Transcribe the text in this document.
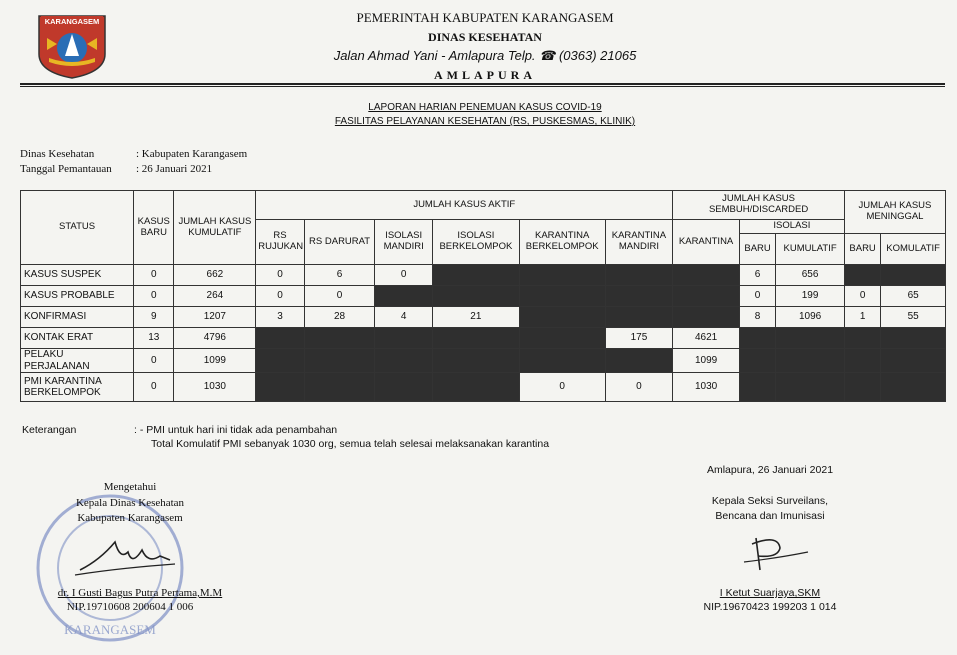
KARANGASEM	PEMERINTAH KABUPATEN KARANGASEM
DINAS KESEHATAN
Jalan Ahmad Yani - Amlapura Telp. ☎ (0363) 21065
AMLAPURA
LAPORAN HARIAN PENEMUAN KASUS COVID-19
FASILITAS PELAYANAN KESEHATAN (RS, PUSKESMAS, KLINIK)
Dinas Kesehatan	: Kabupaten Karangasem
Tanggal Pemantauan : 26 Januari 2021
STATUS	KASUS BARU	JUMLAH KASUS KUMULATIF	JUMLAH KASUS AKTIF						JUMLAH KASUS SEMBUH/DISCARDED			JUMLAH KASUS MENINGGAL	
			RS RUJUKAN	RS DARURAT	ISOLASI MANDIRI	ISOLASI BERKELOMPOK	KARANTINA BERKELOMPOK	KARANTINA MANDIRI	KARANTINA	ISOLASI			
										BARU	KUMULATIF	BARU	KOMULATIF
KASUS SUSPEK	0	662	0	6	0					6	656		
KASUS PROBABLE	0	264	0	0						0	199	0	65
KONFIRMASI	9	1207	3	28	4	21				8	1096	1	55
KONTAK ERAT	13	4796						175	4621				
PELAKU PERJALANAN	0	1099							1099				
PMI KARANTINA BERKELOMPOK	0	1030					0	0	1030				
Keterangan	: - PMI untuk hari ini tidak ada penambahan
Total Komulatif PMI sebanyak 1030 org, semua telah selesai melaksanakan karantina
KARANGASEM
Mengetahui
Kepala Dinas Kesehatan
Kabupaten Karangasem
dr. I Gusti Bagus Putra Pertama,M.M
NIP.19710608 200604 1 006
Amlapura, 26 Januari 2021
Kepala Seksi Surveilans,
Bencana dan Imunisasi
I Ketut Suarjaya,SKM
NIP.19670423 199203 1 014
